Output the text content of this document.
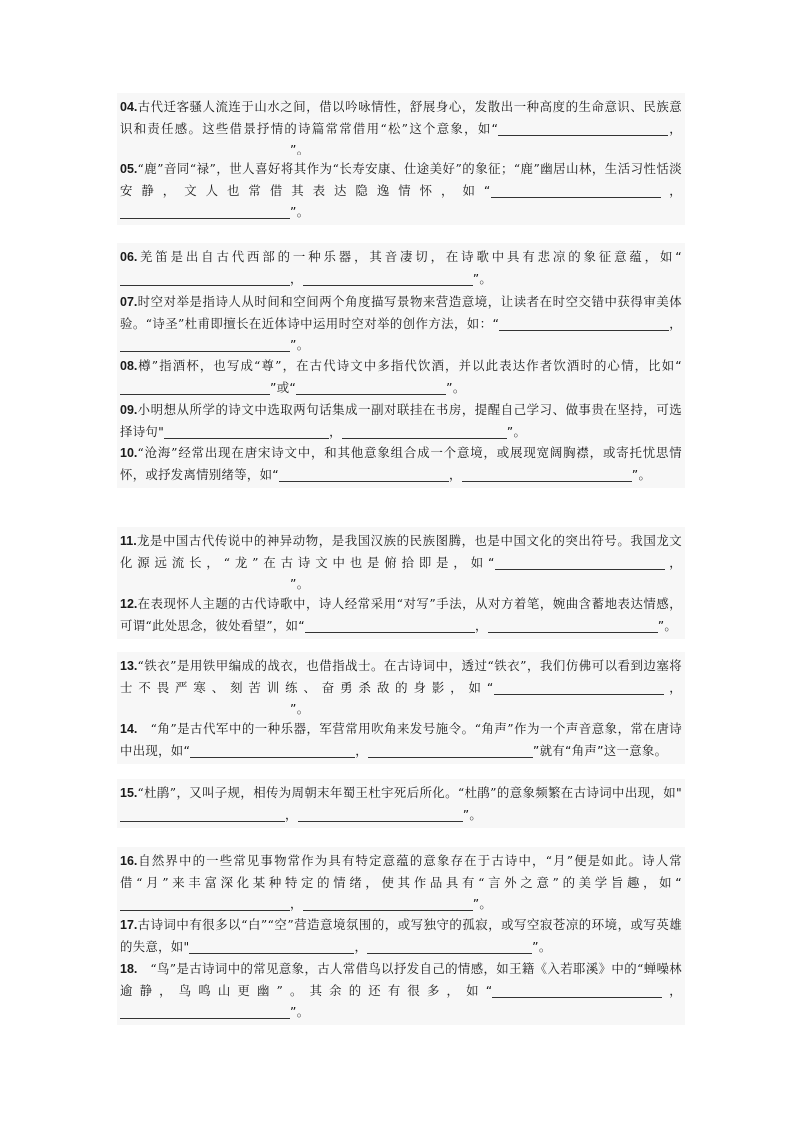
04.古代迁客骚人流连于山水之间，借以吟咏情性，舒展身心，发散出一种高度的生命意识、民族意识和责任感。这些借景抒情的诗篇常常借用“松”这个意象，如“	，”。
05.“鹿”音同“禄”，世人喜好将其作为“长寿安康、仕途美好”的象征；“鹿”幽居山林，生活习性恬淡安静，文人也常借其表达隐逸情怀，如“	，”。
06.羌笛是出自古代西部的一种乐器，其音凄切，在诗歌中具有悲凉的象征意蕴，如“，	”。
07.时空对举是指诗人从时间和空间两个角度描写景物来营造意境，让读者在时空交错中获得审美体验。“诗圣”杜甫即擅长在近体诗中运用时空对举的创作方法，如：“	，”。
08.樽”指酒杯，也写成“尊”，在古代诗文中多指代饮酒，并以此表达作者饮酒时的心情，比如“”或“	”。
09.小明想从所学的诗文中选取两句话集成一副对联挂在书房，提醒自己学习、做事贵在坚持，可选择诗句"	，	”。
10.“沧海”经常出现在唐宋诗文中，和其他意象组合成一个意境，或展现宽阔胸襟，或寄托忧思情怀，或抒发离情别绪等，如“	，	”。
11.龙是中国古代传说中的神异动物，是我国汉族的民族图腾，也是中国文化的突出符号。我国龙文化源远流长，“龙”在古诗文中也是俯拾即是，如“	，”。
12.在表现怀人主题的古代诗歌中，诗人经常采用“对写”手法，从对方着笔，婉曲含蓄地表达情感，可谓“此处思念，彼处看望”，如“	，	”。
13.“铁衣”是用铁甲编成的战衣，也借指战士。在古诗词中，透过“铁衣”，我们仿佛可以看到边塞将士不畏严寒、刻苦训练、奋勇杀敌的身影，如“	，”。
14.　“角”是古代军中的一种乐器，军营常用吹角来发号施令。“角声”作为一个声音意象，常在唐诗中出现，如“	，	”就有“角声”这一意象。
15.“杜鹃”，又叫子规，相传为周朝末年蜀王杜宇死后所化。“杜鹃”的意象频繁在古诗词中出现，如"，	”。
16.自然界中的一些常见事物常作为具有特定意蕴的意象存在于古诗中，“月”便是如此。诗人常借“月”来丰富深化某种特定的情绪，使其作品具有“言外之意”的美学旨趣，如“，	”。
17.古诗词中有很多以“白”“空”营造意境氛围的，或写独守的孤寂，或写空寂苍凉的环境，或写英雄的失意，如"	，	”。
18.　“鸟”是古诗词中的常见意象，古人常借鸟以抒发自己的情感，如王籍《入若耶溪》中的“蝉噪林逾静，鸟鸣山更幽”。其余的还有很多，如“	，”。
